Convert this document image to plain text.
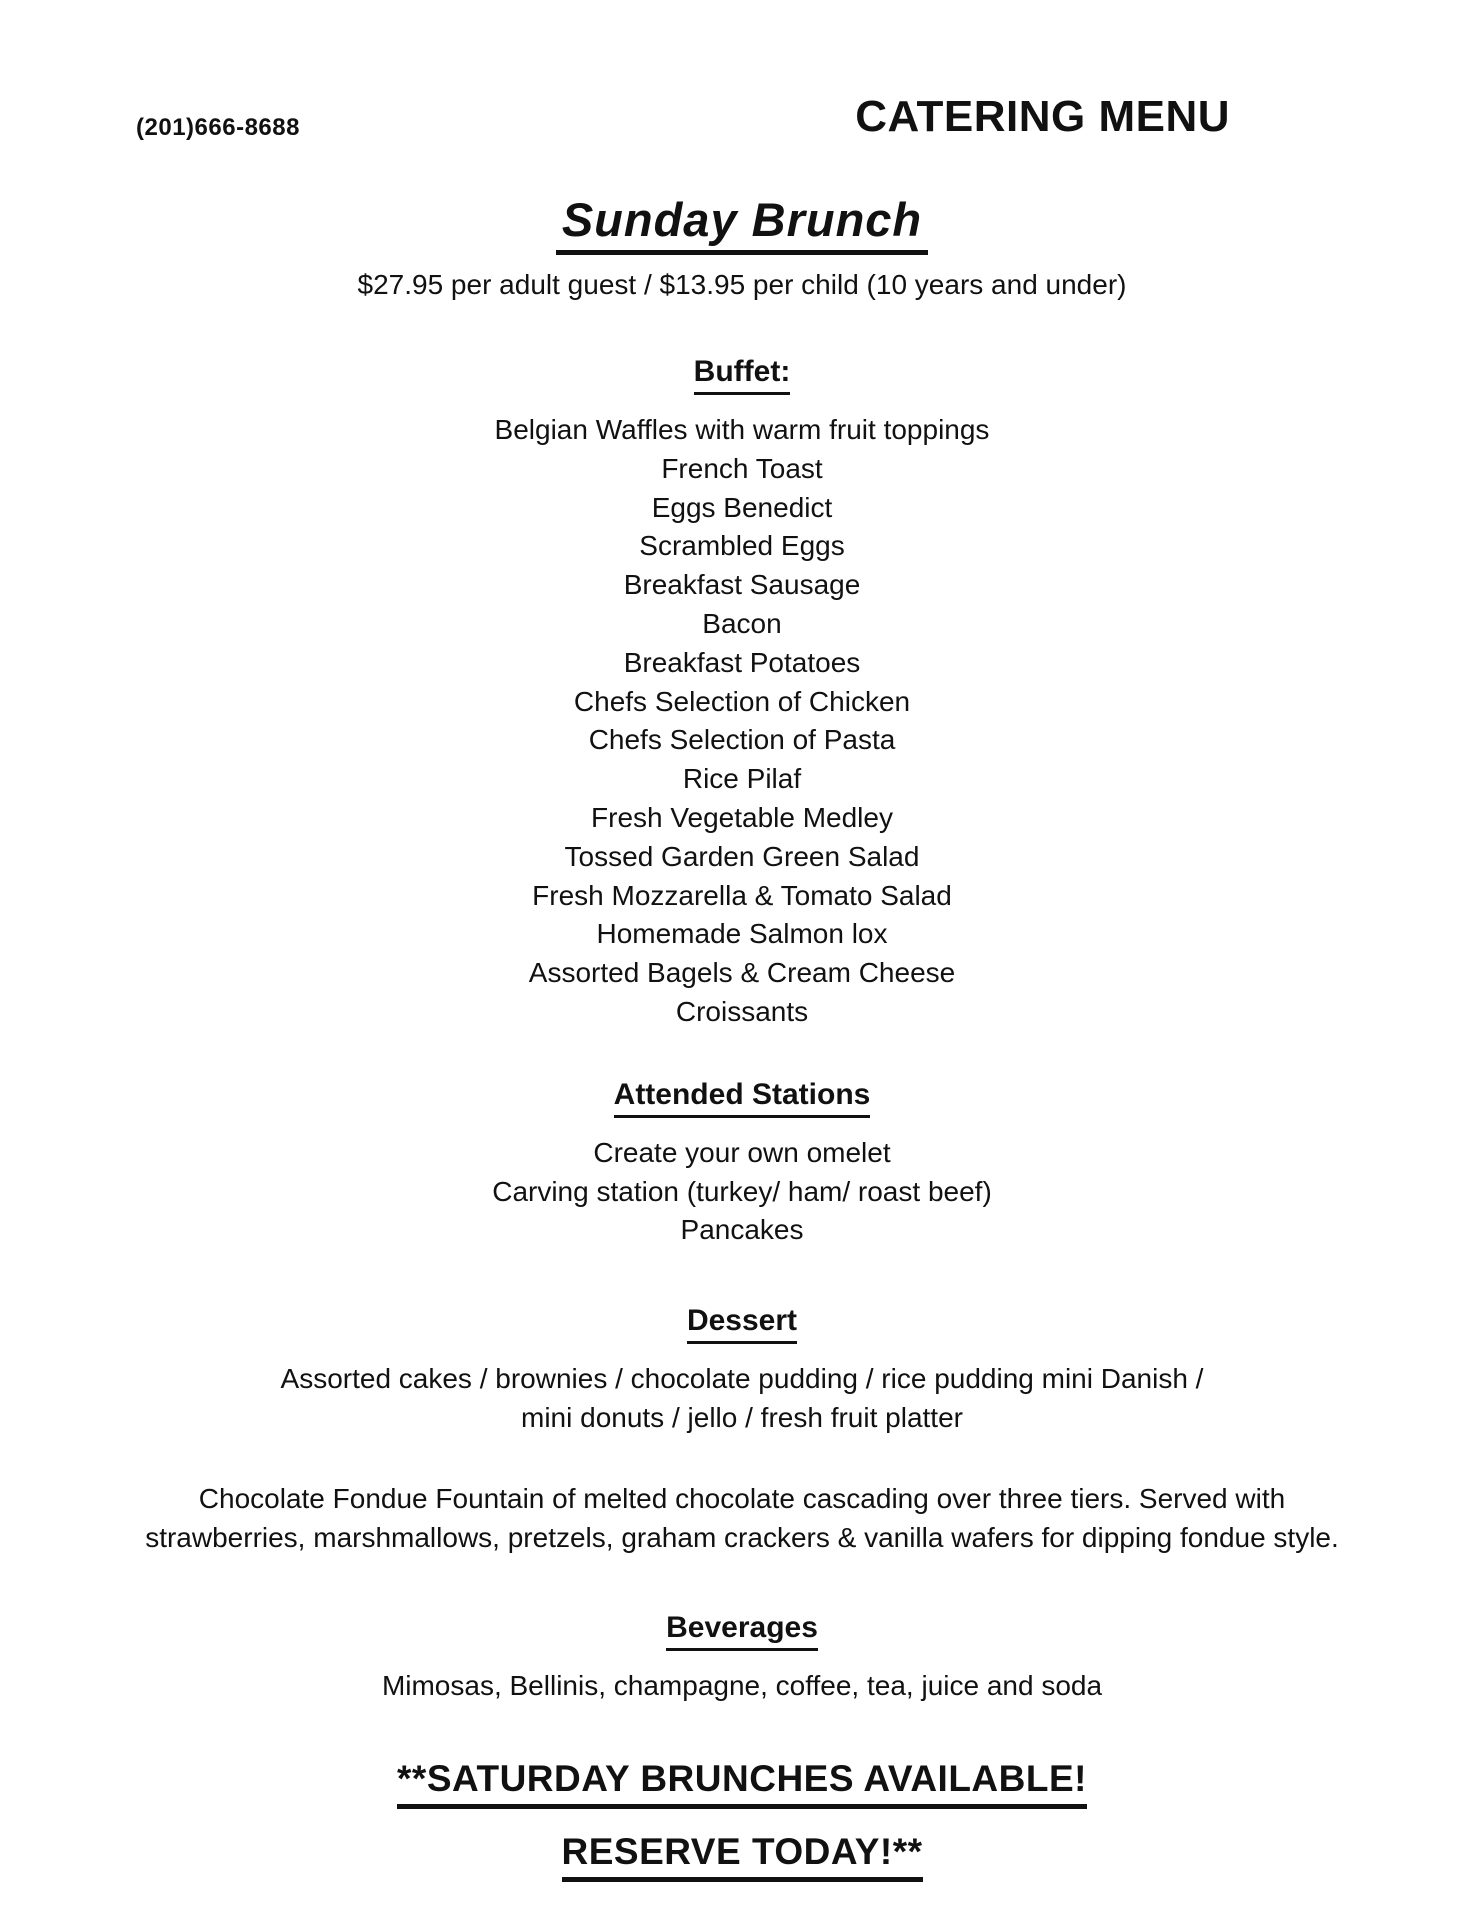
(201)666-8688	CATERING MENU
Sunday Brunch
$27.95 per adult guest / $13.95 per child (10 years and under)
Buffet:
Belgian Waffles with warm fruit toppings
French Toast
Eggs Benedict
Scrambled Eggs
Breakfast Sausage
Bacon
Breakfast Potatoes
Chefs Selection of Chicken
Chefs Selection of Pasta
Rice Pilaf
Fresh Vegetable Medley
Tossed Garden Green Salad
Fresh Mozzarella & Tomato Salad
Homemade Salmon lox
Assorted Bagels & Cream Cheese
Croissants
Attended Stations
Create your own omelet
Carving station (turkey/ ham/ roast beef)
Pancakes
Dessert
Assorted cakes / brownies / chocolate pudding / rice pudding mini Danish / mini donuts / jello / fresh fruit platter
Chocolate Fondue Fountain of melted chocolate cascading over three tiers. Served with strawberries, marshmallows, pretzels, graham crackers & vanilla wafers for dipping fondue style.
Beverages
Mimosas, Bellinis, champagne, coffee, tea, juice and soda
**SATURDAY BRUNCHES AVAILABLE!
RESERVE TODAY!**
